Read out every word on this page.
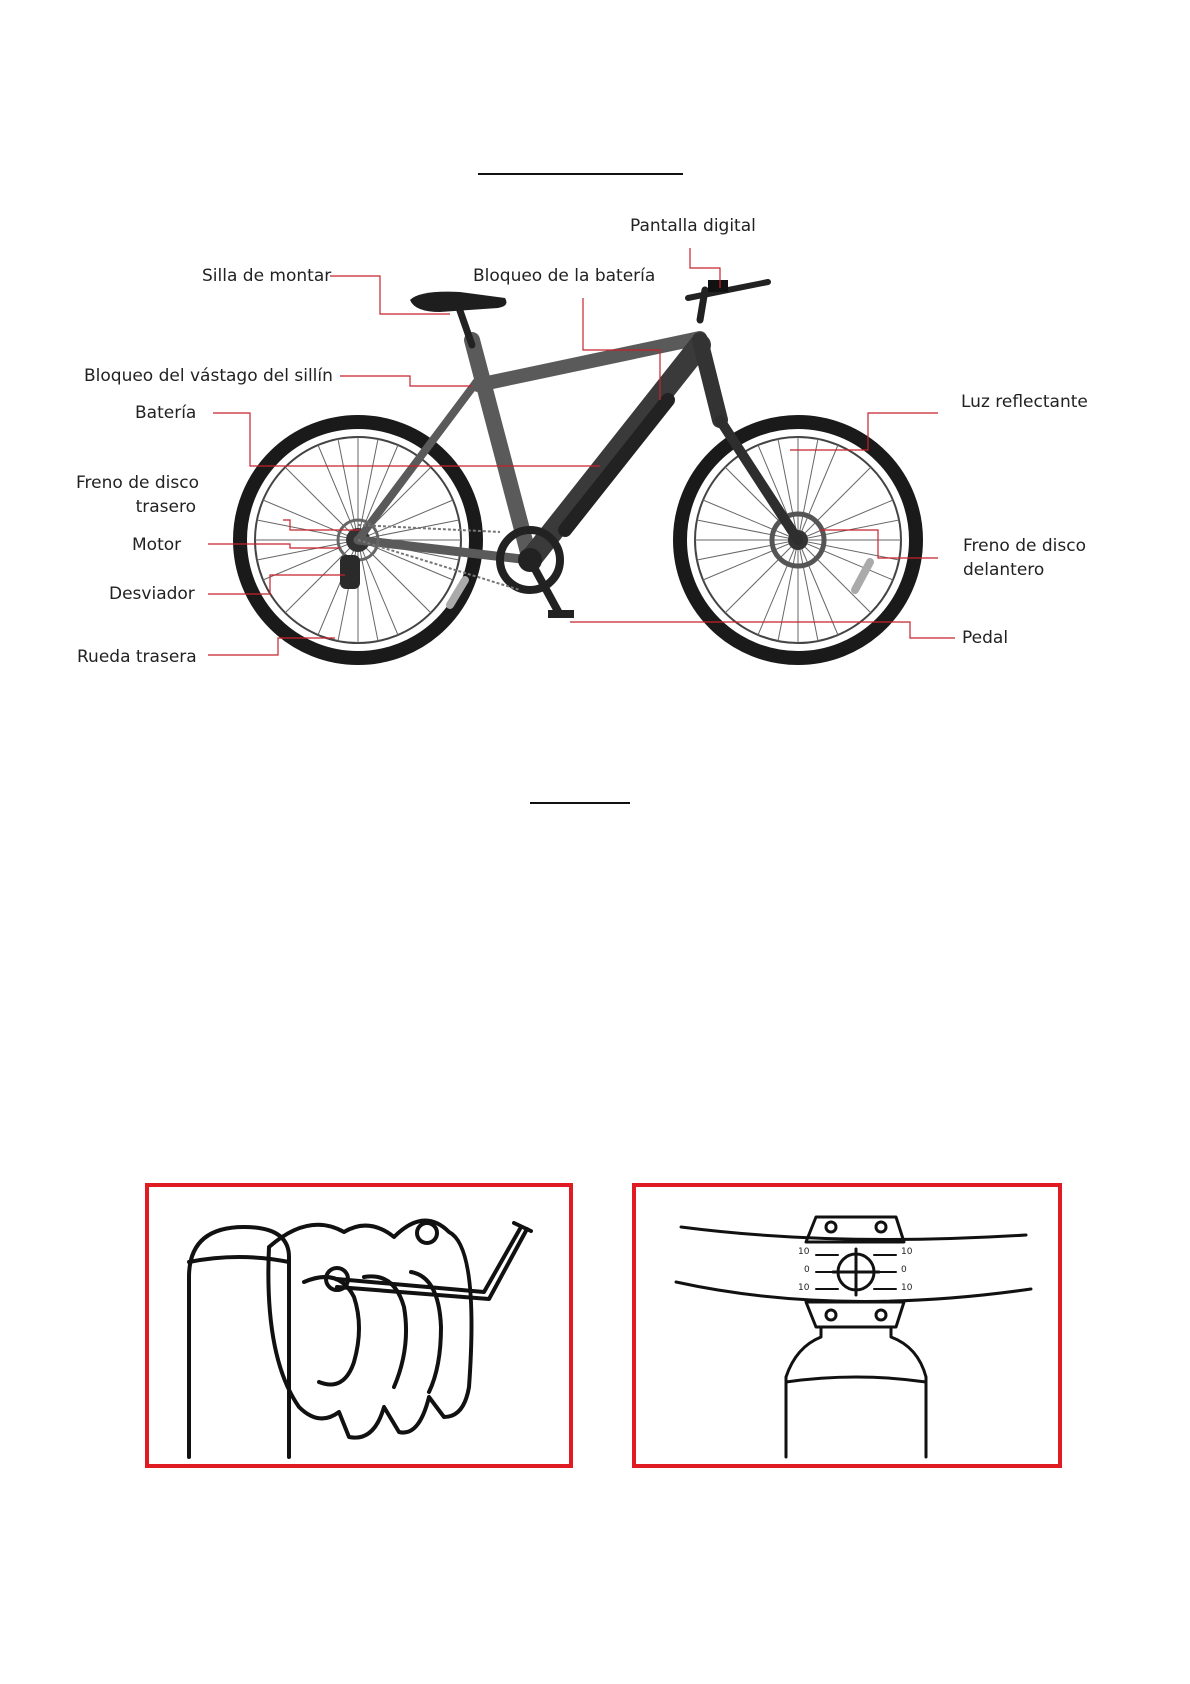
Pantalla digital
Silla de montar	Bloqueo de la batería
Bloqueo del vástago del sillín
Batería
Luz reflectante
Freno de disco
trasero
Motor	Freno de disco
delantero
Desviador
Pedal
Rueda trasera
10
0
10
10
0
10
